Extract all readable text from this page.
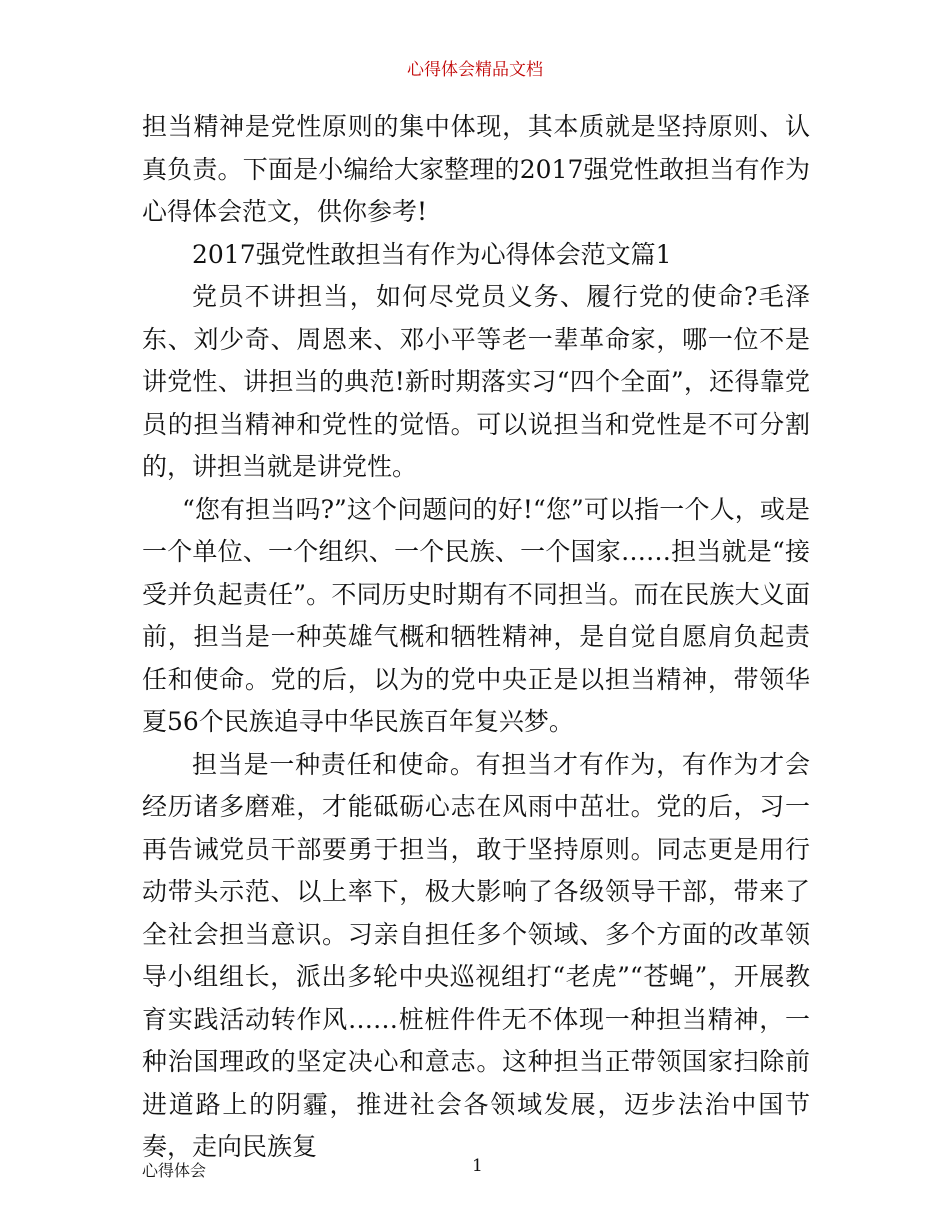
心得体会精品文档

担当精神是党性原则的集中体现，其本质就是坚持原则、认真负责。下面是小编给大家整理的2017强党性敢担当有作为心得体会范文，供你参考!

2017强党性敢担当有作为心得体会范文篇1

党员不讲担当，如何尽党员义务、履行党的使命?毛泽东、刘少奇、周恩来、邓小平等老一辈革命家，哪一位不是讲党性、讲担当的典范!新时期落实习“四个全面”，还得靠党员的担当精神和党性的觉悟。可以说担当和党性是不可分割的，讲担当就是讲党性。

“您有担当吗?”这个问题问的好!“您”可以指一个人，或是一个单位、一个组织、一个民族、一个国家……担当就是“接受并负起责任”。不同历史时期有不同担当。而在民族大义面前，担当是一种英雄气概和牺牲精神，是自觉自愿肩负起责任和使命。党的后，以为的党中央正是以担当精神，带领华夏56个民族追寻中华民族百年复兴梦。

担当是一种责任和使命。有担当才有作为，有作为才会经历诸多磨难，才能砥砺心志在风雨中茁壮。党的后，习一再告诫党员干部要勇于担当，敢于坚持原则。同志更是用行动带头示范、以上率下，极大影响了各级领导干部，带来了全社会担当意识。习亲自担任多个领域、多个方面的改革领导小组组长，派出多轮中央巡视组打“老虎”“苍蝇”，开展教育实践活动转作风……桩桩件件无不体现一种担当精神，一种治国理政的坚定决心和意志。这种担当正带领国家扫除前进道路上的阴霾，推进社会各领域发展，迈步法治中国节奏，走向民族复

心得体会	1
